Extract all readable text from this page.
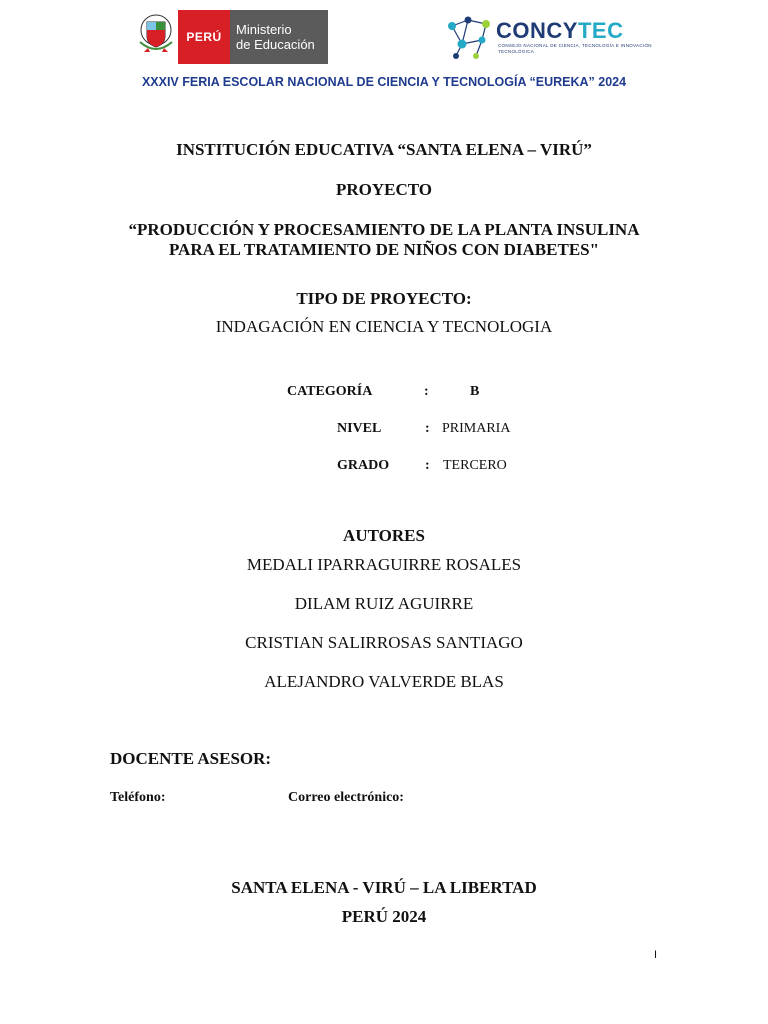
PERÚ	Ministerio
de Educación
CONCYTEC
CONSEJO NACIONAL DE CIENCIA, TECNOLOGÍA E INNOVACIÓN TECNOLÓGICA
XXXIV FERIA ESCOLAR NACIONAL DE CIENCIA Y TECNOLOGÍA “EUREKA” 2024
INSTITUCIÓN EDUCATIVA “SANTA ELENA – VIRÚ”
PROYECTO
“PRODUCCIÓN Y PROCESAMIENTO DE LA PLANTA INSULINA
PARA EL TRATAMIENTO DE NIÑOS CON DIABETES"
TIPO DE PROYECTO:
INDAGACIÓN EN CIENCIA Y TECNOLOGIA
CATEGORÍA	:	B
NIVEL	: PRIMARIA
GRADO	: TERCERO
AUTORES
MEDALI IPARRAGUIRRE ROSALES
DILAM RUIZ AGUIRRE
CRISTIAN SALIRROSAS SANTIAGO
ALEJANDRO VALVERDE BLAS
DOCENTE ASESOR:
Teléfono:	Correo electrónico:
SANTA ELENA - VIRÚ – LA LIBERTAD
PERÚ 2024
I
